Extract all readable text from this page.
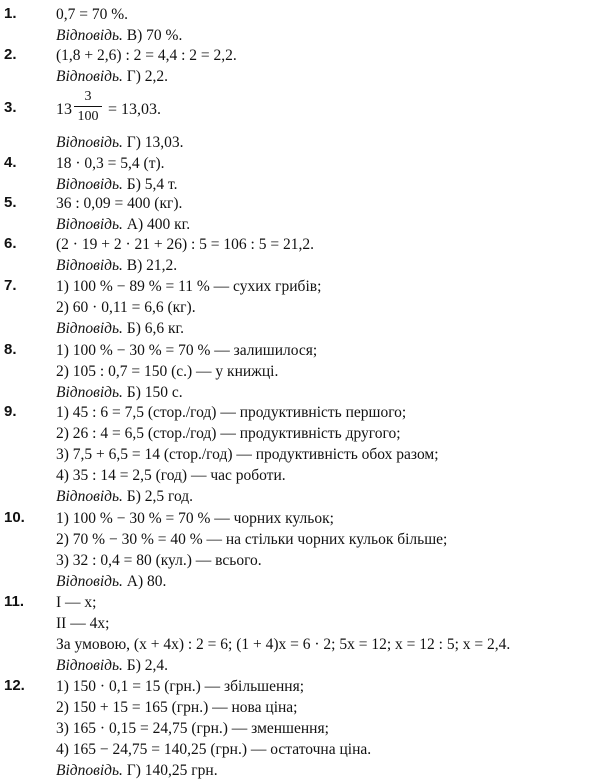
1.	0,7 = 70 %.
Відповідь. В) 70 %.
2.	(1,8 + 2,6) : 2 = 4,4 : 2 = 2,2.
Відповідь. Г) 2,2.
3. $13 \frac{3}{100} = 13,03$.
Відповідь. Г) 13,03.
4.	18 · 0,3 = 5,4 (т).
Відповідь. Б) 5,4 т.
5.	36 : 0,09 = 400 (кг).
Відповідь. А) 400 кг.
6.	(2 · 19 + 2 · 21 + 26) : 5 = 106 : 5 = 21,2.
Відповідь. В) 21,2.
7.	1) 100 % − 89 % = 11 % — сухих грибів;
2) 60 · 0,11 = 6,6 (кг).
Відповідь. Б) 6,6 кг.
8.	1) 100 % − 30 % = 70 % — залишилося;
2) 105 : 0,7 = 150 (с.) — у книжці.
Відповідь. Б) 150 с.
9.	1) 45 : 6 = 7,5 (стор./год) — продуктивність першого;
2) 26 : 4 = 6,5 (стор./год) — продуктивність другого;
3) 7,5 + 6,5 = 14 (стор./год) — продуктивність обох разом;
4) 35 : 14 = 2,5 (год) — час роботи.
Відповідь. Б) 2,5 год.
10. 1) 100 % − 30 % = 70 % — чорних кульок;
2) 70 % − 30 % = 40 % — на стільки чорних кульок більше;
3) 32 : 0,4 = 80 (кул.) — всього.
Відповідь. А) 80.
11. I — x;
II — 4x;
За умовою, (x + 4x) : 2 = 6; (1 + 4)x = 6 · 2; 5x = 12; x = 12 : 5; x = 2,4.
Відповідь. Б) 2,4.
12. 1) 150 · 0,1 = 15 (грн.) — збільшення;
2) 150 + 15 = 165 (грн.) — нова ціна;
3) 165 · 0,15 = 24,75 (грн.) — зменшення;
4) 165 − 24,75 = 140,25 (грн.) — остаточна ціна.
Відповідь. Г) 140,25 грн.
